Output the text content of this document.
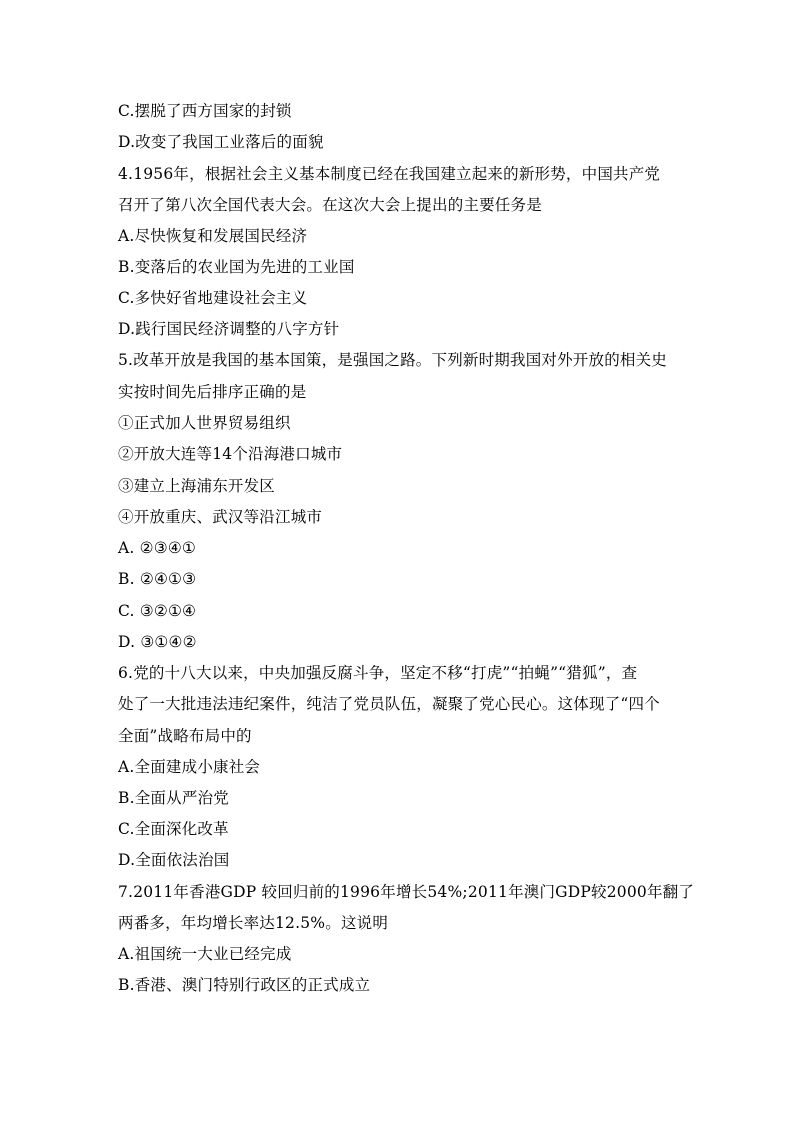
C.摆脱了西方国家的封锁
D.改变了我国工业落后的面貌
4.1956年，根据社会主义基本制度已经在我国建立起来的新形势，中国共产党
召开了第八次全国代表大会。在这次大会上提出的主要任务是
A.尽快恢复和发展国民经济
B.变落后的农业国为先进的工业国
C.多快好省地建设社会主义
D.践行国民经济调整的八字方针
5.改革开放是我国的基本国策，是强国之路。下列新时期我国对外开放的相关史
实按时间先后排序正确的是
①正式加人世界贸易组织
②开放大连等14个沿海港口城市
③建立上海浦东开发区
④开放重庆、武汉等沿江城市
A. ②③④①
B. ②④①③
C. ③②①④
D. ③①④②
6.党的十八大以来，中央加强反腐斗争，坚定不移“打虎”“拍蝇”“猎狐”，查
处了一大批违法违纪案件，纯洁了党员队伍，凝聚了党心民心。这体现了“四个
全面”战略布局中的
A.全面建成小康社会
B.全面从严治党
C.全面深化改革
D.全面依法治国
7.2011年香港GDP 较回归前的1996年增长54%;2011年澳门GDP较2000年翻了
两番多，年均增长率达12.5%。这说明
A.祖国统一大业已经完成
B.香港、澳门特别行政区的正式成立
